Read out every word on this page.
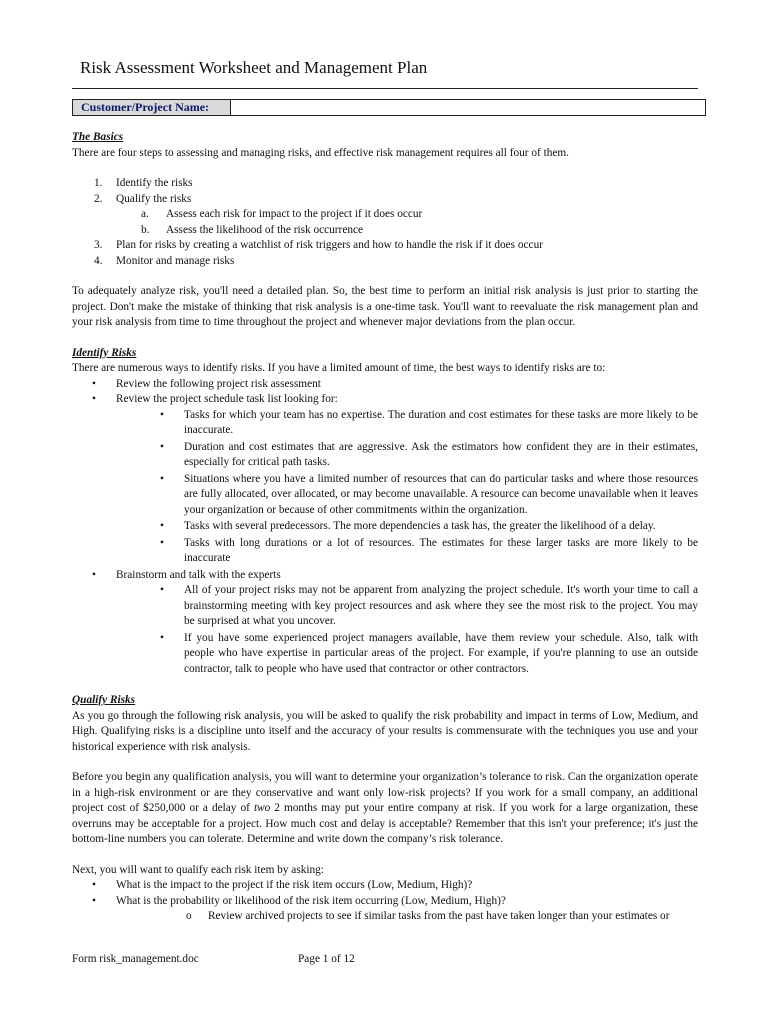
Risk Assessment Worksheet and Management Plan
Customer/Project Name:

The Basics

There are four steps to assessing and managing risks, and effective risk management requires all four of them.

1. Identify the risks
2. Qualify the risks
a. Assess each risk for impact to the project if it does occur
b. Assess the likelihood of the risk occurrence
3. Plan for risks by creating a watchlist of risk triggers and how to handle the risk if it does occur
4. Monitor and manage risks

To adequately analyze risk, you'll need a detailed plan. So, the best time to perform an initial risk analysis is just prior to starting the project. Don't make the mistake of thinking that risk analysis is a one-time task. You'll want to reevaluate the risk management plan and your risk analysis from time to time throughout the project and whenever major deviations from the plan occur.

Identify Risks

There are numerous ways to identify risks. If you have a limited amount of time, the best ways to identify risks are to:

• Review the following project risk assessment
• Review the project schedule task list looking for:
• Tasks for which your team has no expertise. The duration and cost estimates for these tasks are more likely to be inaccurate.
• Duration and cost estimates that are aggressive. Ask the estimators how confident they are in their estimates, especially for critical path tasks.
• Situations where you have a limited number of resources that can do particular tasks and where those resources are fully allocated, over allocated, or may become unavailable. A resource can become unavailable when it leaves your organization or because of other commitments within the organization.
• Tasks with several predecessors. The more dependencies a task has, the greater the likelihood of a delay.
• Tasks with long durations or a lot of resources. The estimates for these larger tasks are more likely to be inaccurate
• Brainstorm and talk with the experts
• All of your project risks may not be apparent from analyzing the project schedule. It's worth your time to call a brainstorming meeting with key project resources and ask where they see the most risk to the project. You may be surprised at what you uncover.
• If you have some experienced project managers available, have them review your schedule. Also, talk with people who have expertise in particular areas of the project. For example, if you're planning to use an outside contractor, talk to people who have used that contractor or other contractors.

Qualify Risks

As you go through the following risk analysis, you will be asked to qualify the risk probability and impact in terms of Low, Medium, and High. Qualifying risks is a discipline unto itself and the accuracy of your results is commensurate with the techniques you use and your historical experience with risk analysis.

Before you begin any qualification analysis, you will want to determine your organization’s tolerance to risk. Can the organization operate in a high-risk environment or are they conservative and want only low-risk projects? If you work for a small company, an additional project cost of $250,000 or a delay of two 2 months may put your entire company at risk. If you work for a large organization, these overruns may be acceptable for a project. How much cost and delay is acceptable? Remember that this isn't your preference; it's just the bottom-line numbers you can tolerate. Determine and write down the company’s risk tolerance.

Next, you will want to qualify each risk item by asking:

• What is the impact to the project if the risk item occurs (Low, Medium, High)?
• What is the probability or likelihood of the risk item occurring (Low, Medium, High)?
o Review archived projects to see if similar tasks from the past have taken longer than your estimates or
Form risk_management.doc	Page 1 of 12
